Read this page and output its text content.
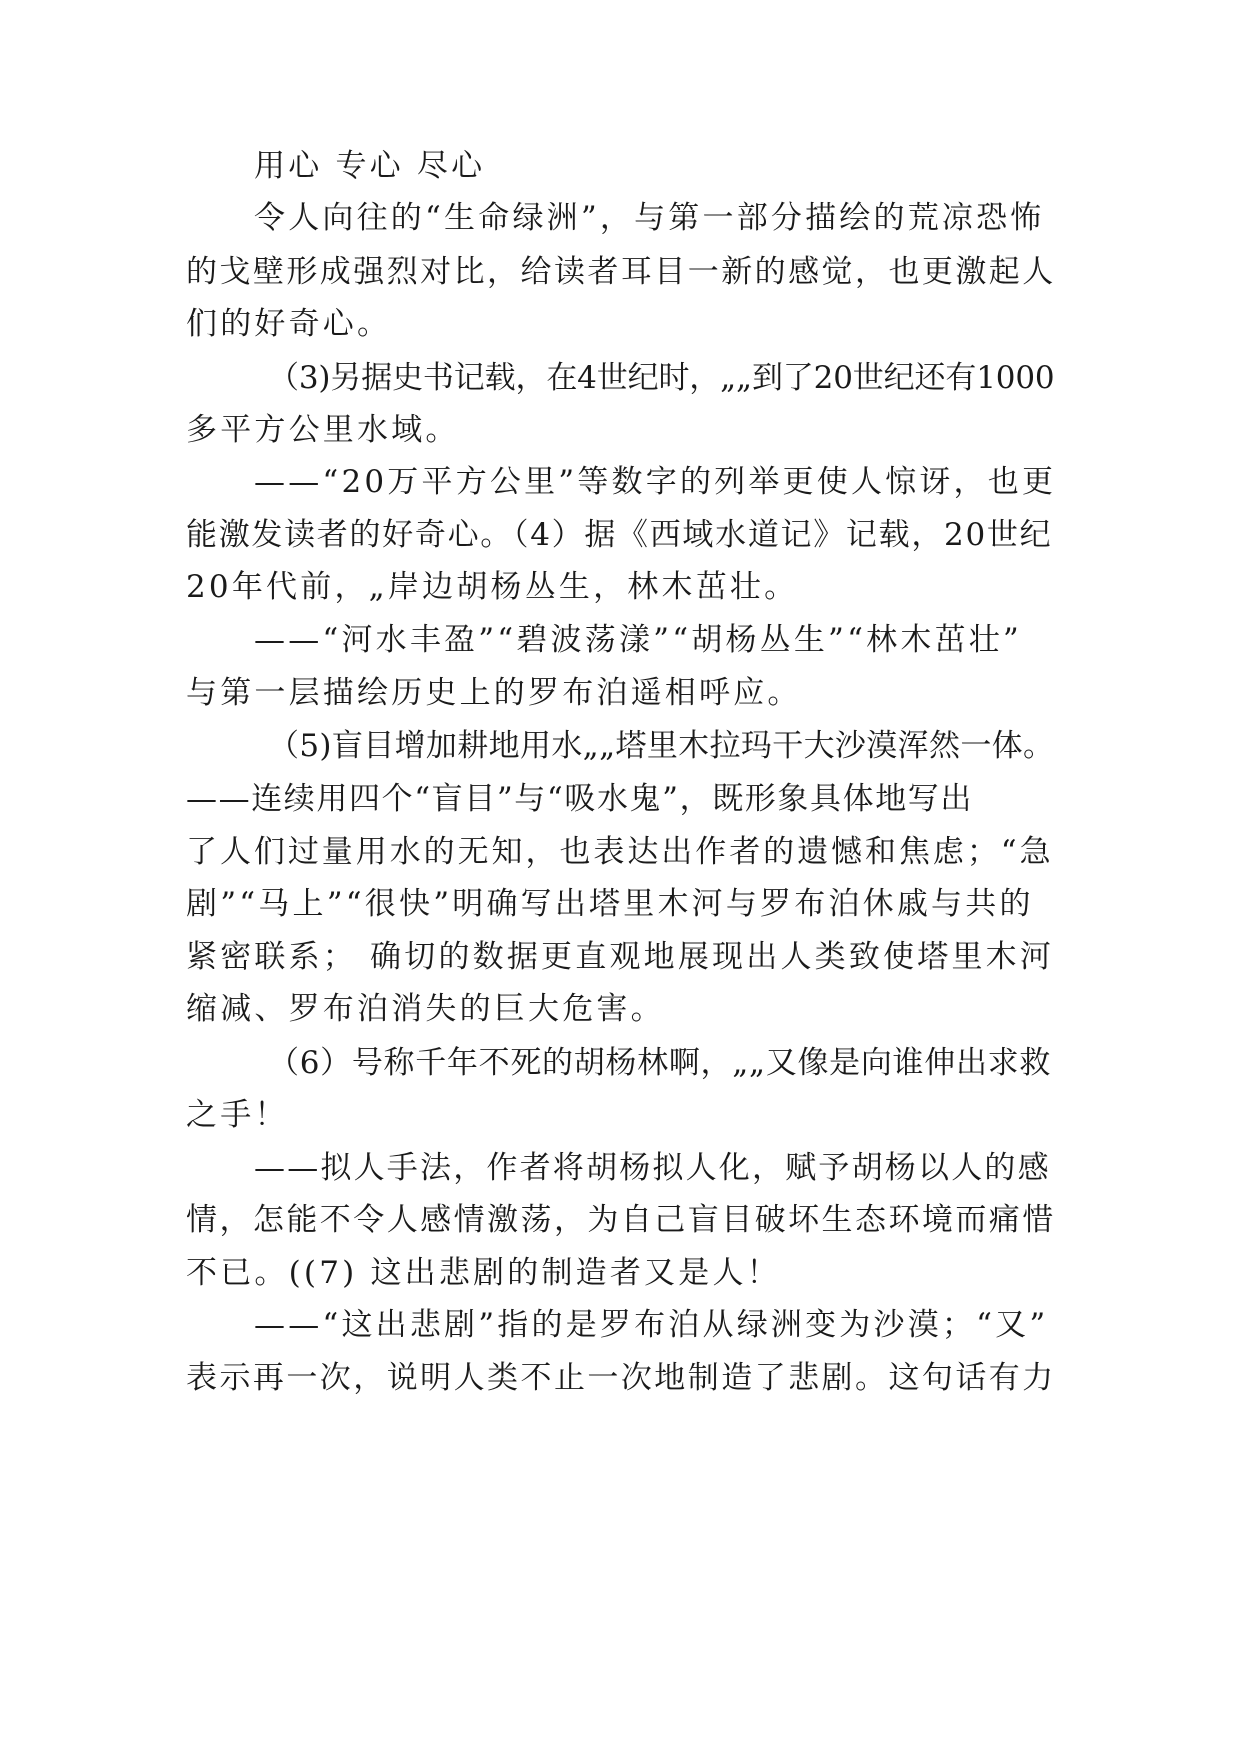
用心 专心 尽心
令人向往的“生命绿洲”，与第一部分描绘的荒凉恐怖
的戈壁形成强烈对比，给读者耳目一新的感觉，也更激起人
们的好奇心。
（3)另据史书记载，在4世纪时，„„到了20世纪还有1000
多平方公里水域。
——“20万平方公里”等数字的列举更使人惊讶，也更
能激发读者的好奇心。（4）据《西域水道记》记载，20世纪
20年代前，„岸边胡杨丛生，林木茁壮。
——“河水丰盈”“碧波荡漾”“胡杨丛生”“林木茁壮”
与第一层描绘历史上的罗布泊遥相呼应。
（5)盲目增加耕地用水„„塔里木拉玛干大沙漠浑然一体。
——连续用四个“盲目”与“吸水鬼”，既形象具体地写出
了人们过量用水的无知，也表达出作者的遗憾和焦虑；“急
剧”“马上”“很快”明确写出塔里木河与罗布泊休戚与共的
紧密联系； 确切的数据更直观地展现出人类致使塔里木河
缩减、罗布泊消失的巨大危害。
（6）号称千年不死的胡杨林啊，„„又像是向谁伸出求救
之手！
——拟人手法，作者将胡杨拟人化，赋予胡杨以人的感
情，怎能不令人感情激荡，为自己盲目破坏生态环境而痛惜
不已。((7) 这出悲剧的制造者又是人！
——“这出悲剧”指的是罗布泊从绿洲变为沙漠；“又”
表示再一次，说明人类不止一次地制造了悲剧。这句话有力
